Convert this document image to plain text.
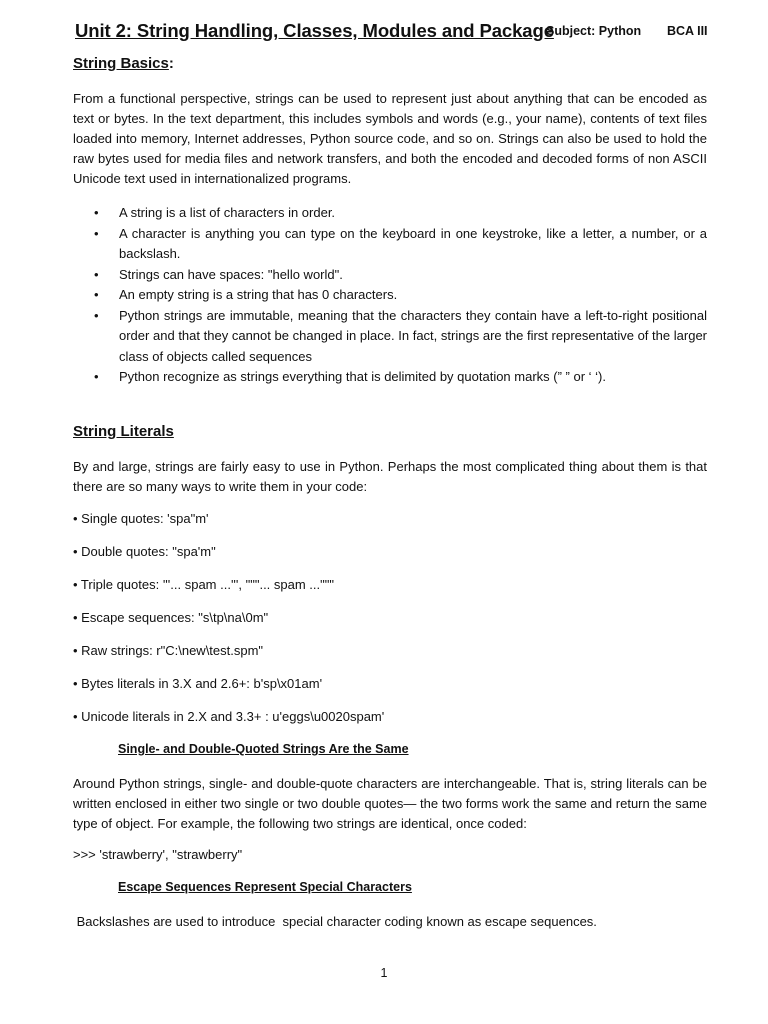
Unit 2: String Handling, Classes, Modules and Package
Subject: Python BCA III
String Basics:
From a functional perspective, strings can be used to represent just about anything that can be encoded as text or bytes. In the text department, this includes symbols and words (e.g., your name), contents of text files loaded into memory, Internet addresses, Python source code, and so on. Strings can also be used to hold the raw bytes used for media files and network transfers, and both the encoded and decoded forms of non ASCII Unicode text used in internationalized programs.
• A string is a list of characters in order.
• A character is anything you can type on the keyboard in one keystroke, like a letter, a number, or a backslash.
• Strings can have spaces: "hello world".
• An empty string is a string that has 0 characters.
• Python strings are immutable, meaning that the characters they contain have a left-to-right positional order and that they cannot be changed in place. In fact, strings are the first representative of the larger class of objects called sequences
• Python recognize as strings everything that is delimited by quotation marks (” ” or ‘ ‘).
String Literals
By and large, strings are fairly easy to use in Python. Perhaps the most complicated thing about them is that there are so many ways to write them in your code:
• Single quotes: 'spa"m'
• Double quotes: "spa'm"
• Triple quotes: '''... spam ...''', """... spam ..."""
• Escape sequences: "s\tp\na\0m"
• Raw strings: r"C:\new\test.spm"
• Bytes literals in 3.X and 2.6+: b'sp\x01am'
• Unicode literals in 2.X and 3.3+ : u'eggs\u0020spam'
Single- and Double-Quoted Strings Are the Same
Around Python strings, single- and double-quote characters are interchangeable. That is, string literals can be written enclosed in either two single or two double quotes— the two forms work the same and return the same type of object. For example, the following two strings are identical, once coded:
>>> 'strawberry', "strawberry"
Escape Sequences Represent Special Characters
Backslashes are used to introduce  special character coding known as escape sequences.
1
